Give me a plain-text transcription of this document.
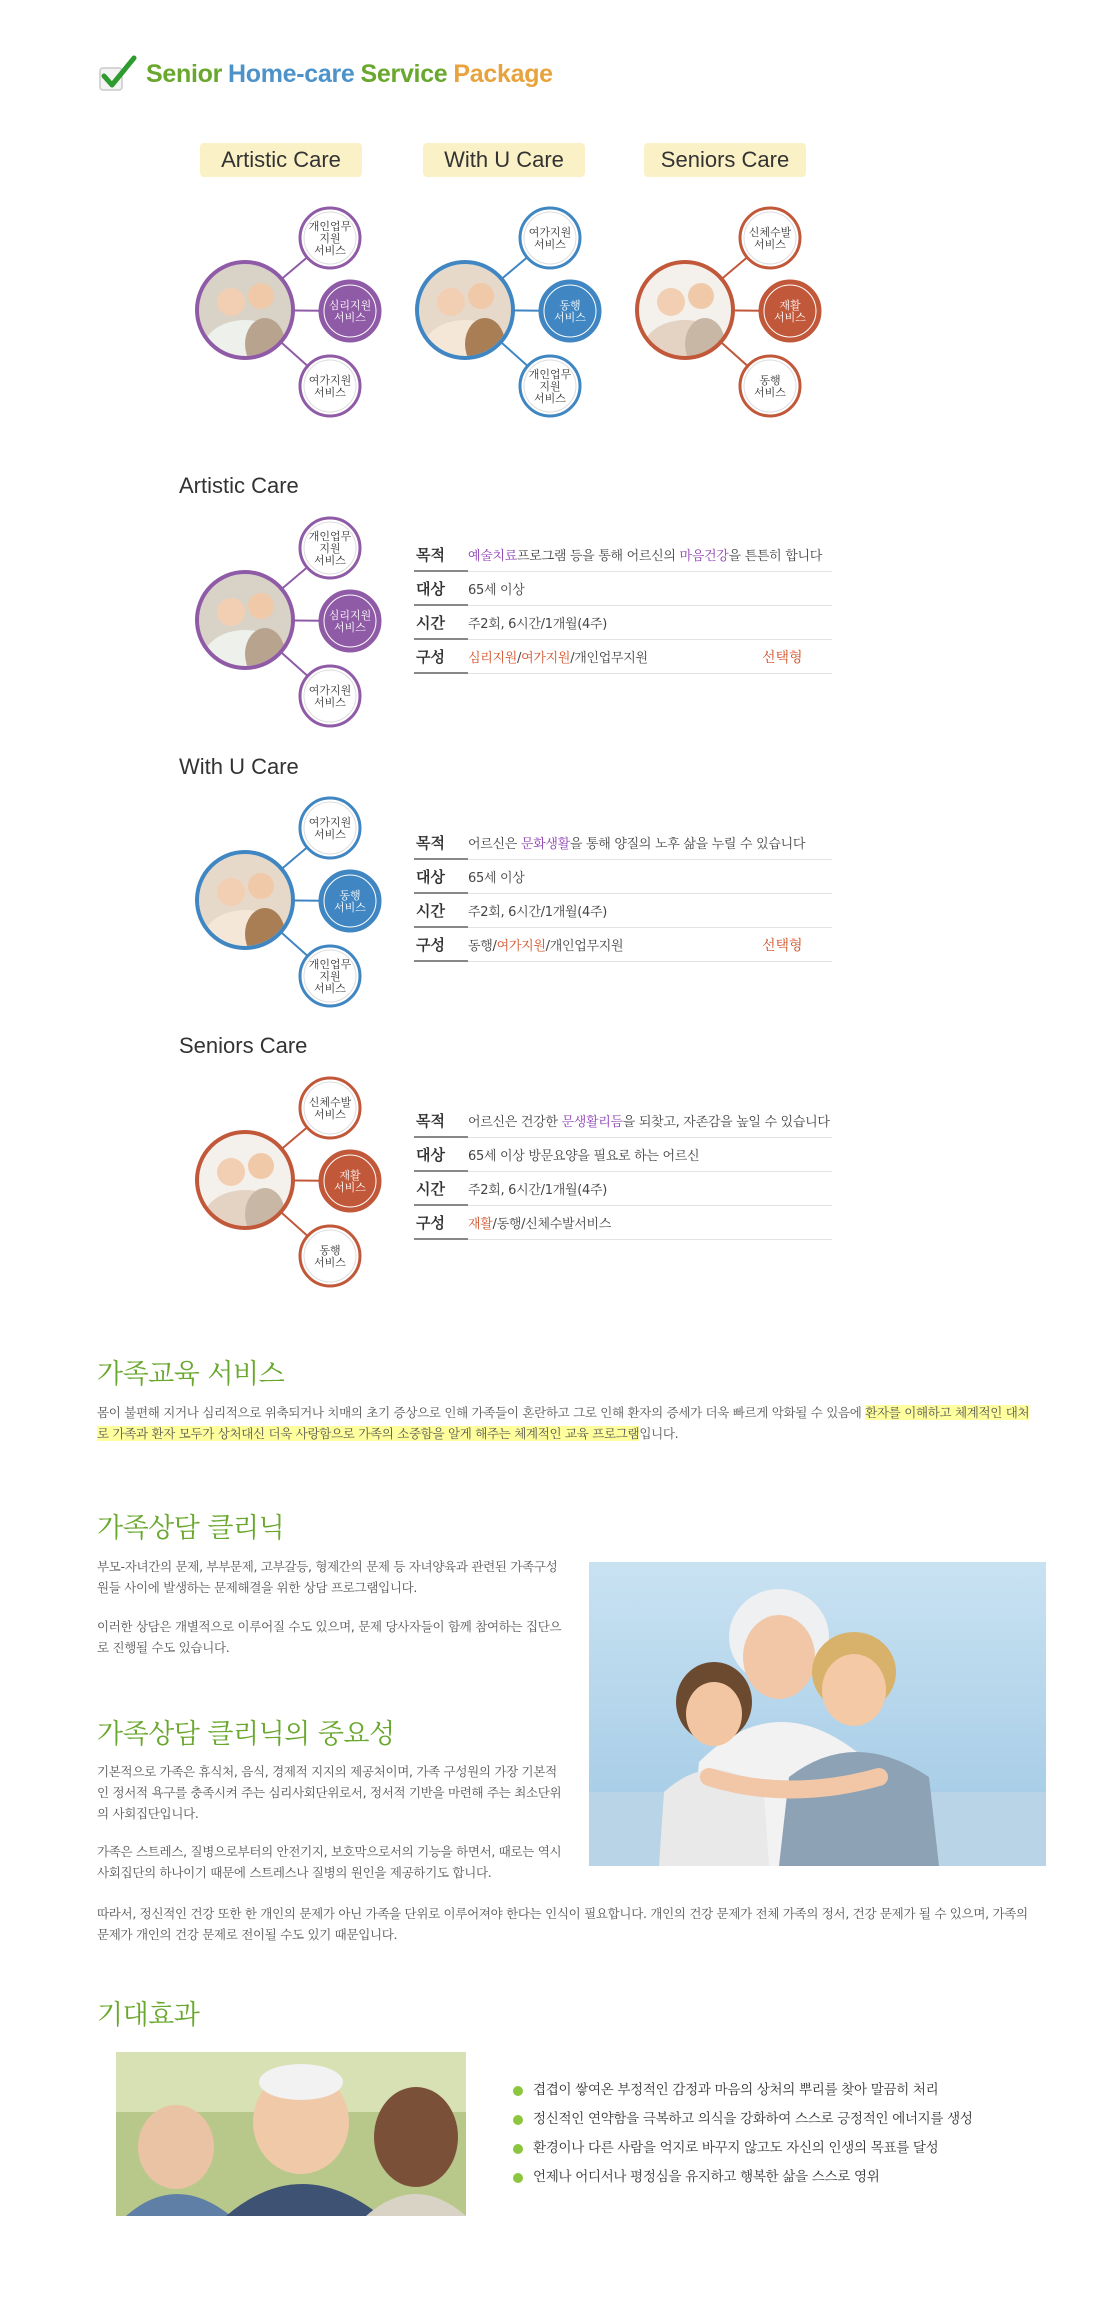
Senior Home-care Service Package
Artistic Care	With U Care	Seniors Care
개인업무
지원
서비스
심리지원
서비스
여가지원
서비스
여가지원
서비스
동행
서비스
개인업무
지원
서비스
신체수발
서비스
재활
서비스
동행
서비스
Artistic Care
개인업무
지원
서비스
심리지원
서비스
여가지원
서비스
목적	예술치료프로그램 등을 통해 어르신의 마음건강을 튼튼히 합니다
대상	65세 이상
시간	주2회, 6시간/1개월(4주)
구성	심리지원/여가지원/개인업무지원	선택형
With U Care
여가지원
서비스
동행
서비스
개인업무
지원
서비스
목적	어르신은 문화생활을 통해 양질의 노후 삶을 누릴 수 있습니다
대상	65세 이상
시간	주2회, 6시간/1개월(4주)
구성	동행/여가지원/개인업무지원	선택형
Seniors Care
신체수발
서비스
재활
서비스
동행
서비스
목적	어르신은 건강한 문생활리듬을 되찾고, 자존감을 높일 수 있습니다
대상	65세 이상 방문요양을 필요로 하는 어르신
시간	주2회, 6시간/1개월(4주)
구성	재활/동행/신체수발서비스
가족교육 서비스

몸이 불편해 지거나 심리적으로 위축되거나 치매의 초기 증상으로 인해 가족들이 혼란하고 그로 인해 환자의 증세가 더욱 빠르게 악화될 수 있음에 환자를 이해하고 체계적인 대처로 가족과 환자 모두가 상처대신 더욱 사랑함으로 가족의 소중함을 알게 해주는 체계적인 교육 프로그램입니다.

가족상담 클리닉

부모-자녀간의 문제, 부부문제, 고부갈등, 형제간의 문제 등 자녀양육과 관련된 가족구성원들 사이에 발생하는 문제해결을 위한 상담 프로그램입니다.

이러한 상담은 개별적으로 이루어질 수도 있으며, 문제 당사자들이 함께 참여하는 집단으로 진행될 수도 있습니다.

가족상담 클리닉의 중요성

기본적으로 가족은 휴식처, 음식, 경제적 지지의 제공처이며, 가족 구성원의 가장 기본적인 정서적 욕구를 충족시켜 주는 심리사회단위로서, 정서적 기반을 마련해 주는 최소단위의 사회집단입니다.

가족은 스트레스, 질병으로부터의 안전기지, 보호막으로서의 기능을 하면서, 때로는 역시 사회집단의 하나이기 때문에 스트레스나 질병의 원인을 제공하기도 합니다.

따라서, 정신적인 건강 또한 한 개인의 문제가 아닌 가족을 단위로 이루어져야 한다는 인식이 필요합니다. 개인의 건강 문제가 전체 가족의 정서, 건강 문제가 될 수 있으며, 가족의 문제가 개인의 건강 문제로 전이될 수도 있기 때문입니다.

기대효과
겹겹이 쌓여온 부정적인 감정과 마음의 상처의 뿌리를 찾아 말끔히 처리
정신적인 연약함을 극복하고 의식을 강화하여 스스로 긍정적인 에너지를 생성
환경이나 다른 사람을 억지로 바꾸지 않고도 자신의 인생의 목표를 달성
언제나 어디서나 평정심을 유지하고 행복한 삶을 스스로 영위
